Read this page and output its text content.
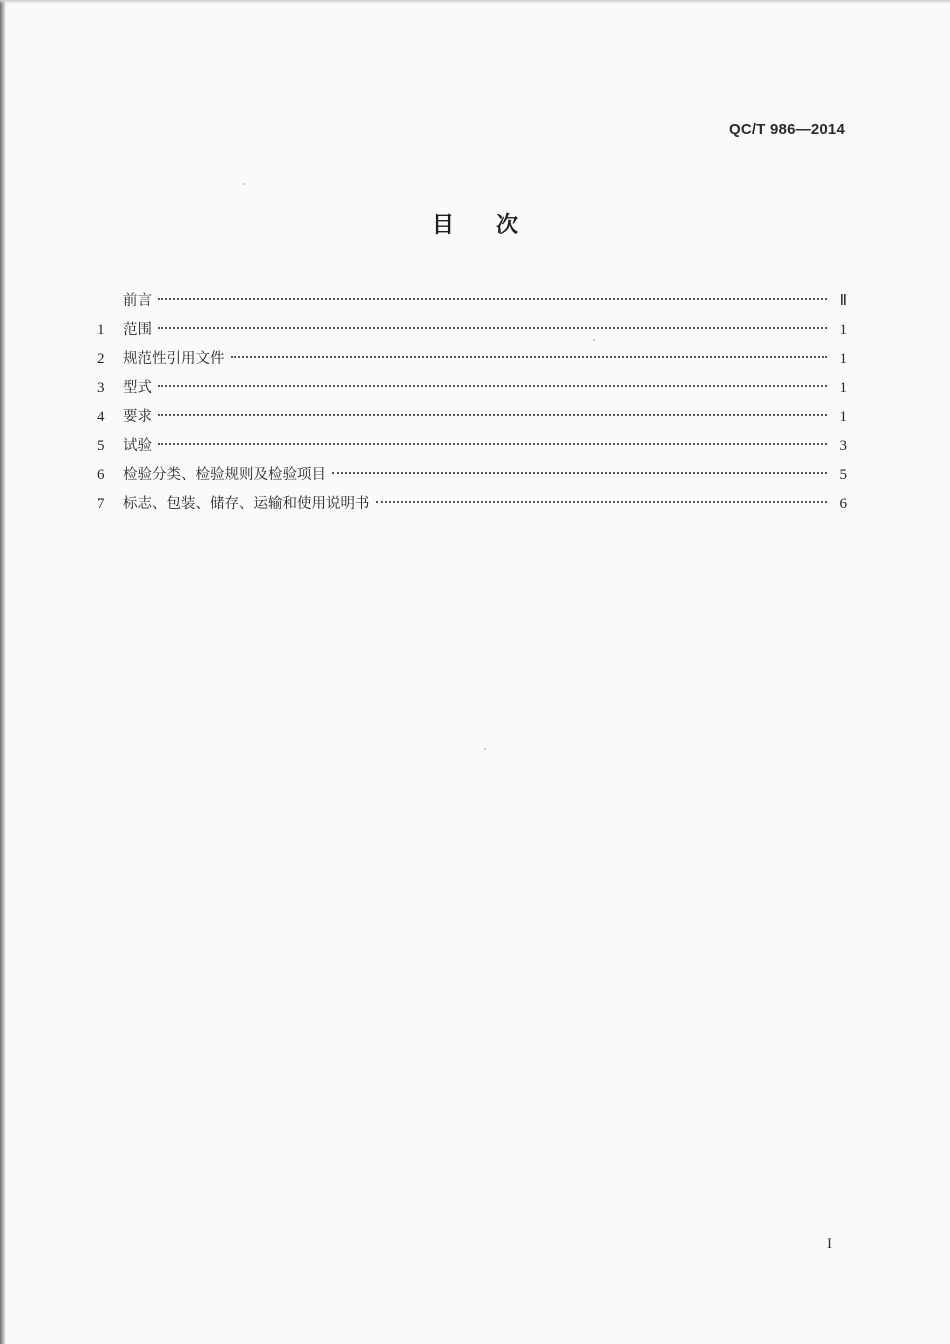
QC/T 986—2014
目次
前言	Ⅱ
1	范围	1
2	规范性引用文件	1
3	型式	1
4	要求	1
5	试验	3
6	检验分类、检验规则及检验项目	5
7	标志、包装、储存、运输和使用说明书	6
I
